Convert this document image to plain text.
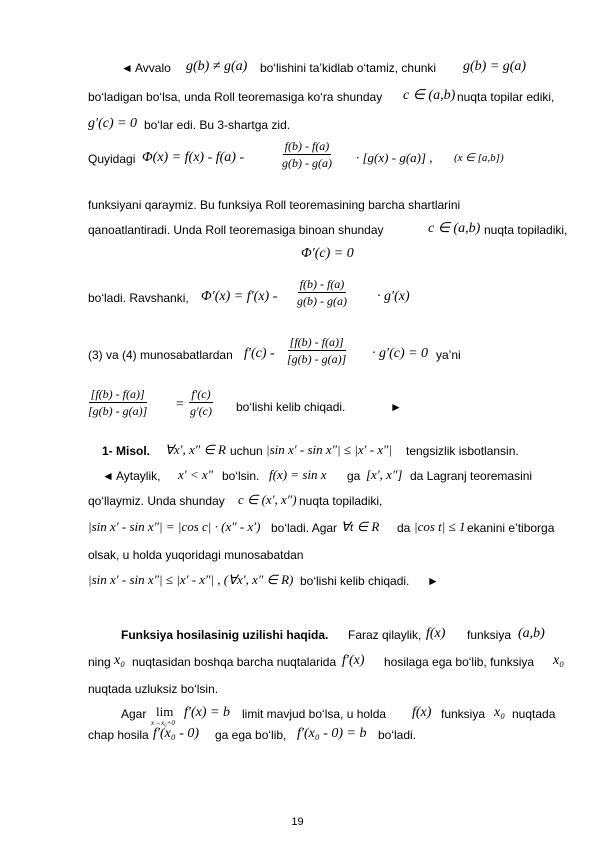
◄ Avvalo g(b) ≠ g(a) bo‘lishini ta’kidlab o‘tamiz, chunki g(b) = g(a)
bo‘ladigan bo‘lsa, unda Roll teoremasiga ko‘ra shunday c ∈ (a,b) nuqta topilar ediki,
g′(c) = 0 bo‘lar edi. Bu 3-shartga zid.
Quyidagi Φ(x) = f(x) - f(a) -	$\frac{f(b) - f(a)}{g(b) - g(a)} \cdot [g(x) - g(a)]$ , (x ∈ [a,b])
funksiyani qaraymiz. Bu funksiya Roll teoremasining barcha shartlarini
qanoatlantiradi. Unda Roll teoremasiga binoan shunday	c ∈ (a,b) nuqta topiladiki,
Φ′(c) = 0
bo‘ladi. Ravshanki, $\Phi'(x) = f'(x) - \frac{f(b) - f(a)}{g(b) - g(a)} \cdot g'(x)$
(3) va (4) munosabatlardan $f'(c) - \frac{[f(b) - f(a)]}{[g(b) - g(a)]} \cdot g'(c) = 0$ ya’ni
$\frac{[f(b) - f(a)]}{[g(b) - g(a)]} = \frac{f'(c)}{g'(c)}$ bo‘lishi kelib chiqadi.	►
1- Misol. ∀x′, x″ ∈ R uchun |sin x′ - sin x″| ≤ |x′ - x″| tengsizlik isbotlansin.
◄ Aytaylik, x′ < x″ bo‘lsin. f(x) = sin x ga [x′, x″] da Lagranj teoremasini
qo‘llaymiz. Unda shunday c ∈ (x′, x″) nuqta topiladiki,
|sin x′ - sin x″| = |cos c| · (x″ - x′) bo‘ladi. Agar ∀t ∈ R da |cos t| ≤ 1 ekanini e’tiborga
olsak, u holda yuqoridagi munosabatdan
|sin x′ - sin x″| ≤ |x′ - x″| , (∀x′, x″ ∈ R) bo‘lishi kelib chiqadi. ►
Funksiya hosilasinig uzilishi haqida. Faraz qilaylik, f(x) funksiya (a,b)
ning x₀ nuqtasidan boshqa barcha nuqtalarida f′(x) hosilaga ega bo‘lib, funksiya x₀
nuqtada uzluksiz bo‘lsin.
Agar lim
x→x₀+0
f′(x) = b limit mavjud bo‘lsa, u holda f(x) funksiya x₀ nuqtada
chap hosila f′(x₀ - 0) ga ega bo‘lib, f′(x₀ - 0) = b bo‘ladi.
19
